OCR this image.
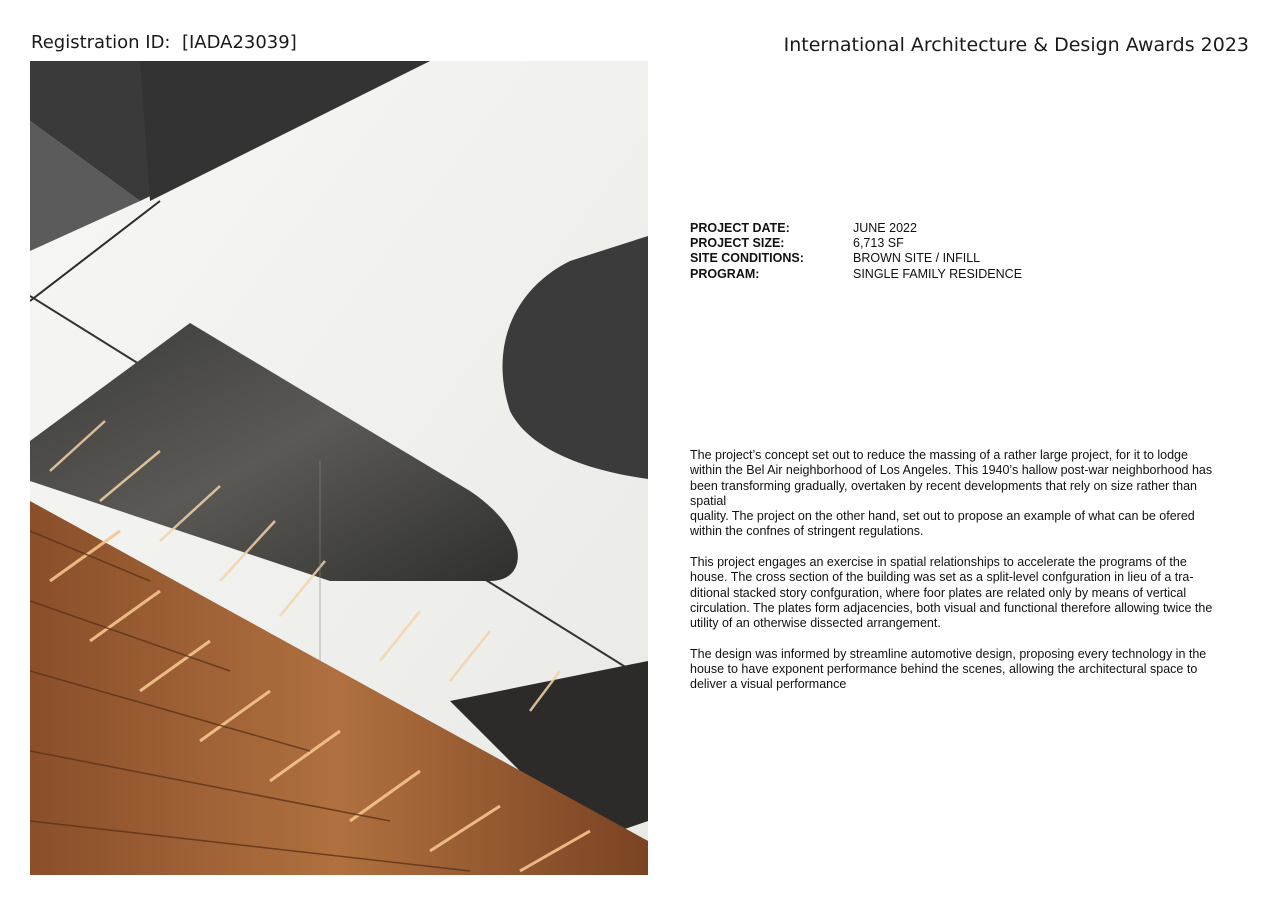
Registration ID:  [IADA23039]	International Architecture & Design Awards 2023
PROJECT DATE:	JUNE 2022
PROJECT SIZE:	6,713 SF
SITE CONDITIONS:	BROWN SITE / INFILL
PROGRAM:	SINGLE FAMILY RESIDENCE

The project’s concept set out to reduce the massing of a rather large project, for it to lodge within the Bel Air neighborhood of Los Angeles. This 1940’s hallow post-war neighborhood has been transforming gradually, overtaken by recent developments that rely on size rather than spatial

quality. The project on the other hand, set out to propose an example of what can be ofered within the confnes of stringent regulations.

This project engages an exercise in spatial relationships to accelerate the programs of the house. The cross section of the building was set as a split-level confguration in lieu of a tra-ditional stacked story confguration, where foor plates are related only by means of vertical circulation. The plates form adjacencies, both visual and functional therefore allowing twice the utility of an otherwise dissected arrangement.

The design was informed by streamline automotive design, proposing every technology in the house to have exponent performance behind the scenes, allowing the architectural space to deliver a visual performance
